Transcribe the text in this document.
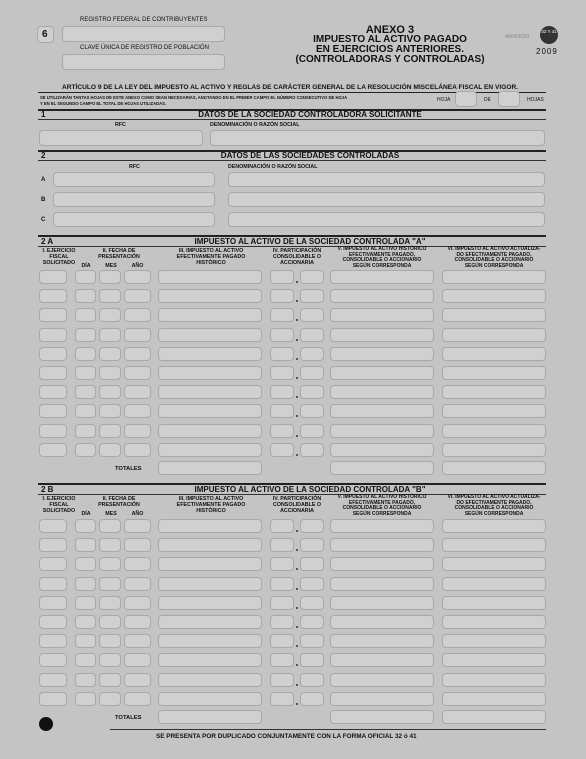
6
REGISTRO FEDERAL DE CONTRIBUYENTES
CLAVE ÚNICA DE REGISTRO DE POBLACIÓN
ANEXO 3
IMPUESTO AL ACTIVO PAGADO
EN EJERCICIOS ANTERIORES.
(CONTROLADORAS Y CONTROLADAS)
ANVERSO
32 Y 41
2009
ARTÍCULO 9 DE LA LEY DEL IMPUESTO AL ACTIVO Y REGLAS DE CARÁCTER GENERAL DE LA RESOLUCIÓN MISCELÁNEA FISCAL EN VIGOR.
SE UTILIZARÁN TANTAS HOJAS DE ESTE ANEXO COMO SEAN NECESARIAS, ANOTANDO EN EL PRIMER CAMPO EL NÚMERO CONSECUTIVO DE HOJA
Y EN EL SEGUNDO CAMPO EL TOTAL DE HOJAS UTILIZADAS.
HOJA	DE	HOJAS
1	DATOS DE LA SOCIEDAD CONTROLADORA SOLICITANTE
RFC	DENOMINACIÓN O RAZÓN SOCIAL
2	DATOS DE LAS SOCIEDADES CONTROLADAS
RFC	DENOMINACIÓN O RAZÓN SOCIAL
A
B
C
2 A	IMPUESTO AL ACTIVO DE LA SOCIEDAD CONTROLADA "A"
I. EJERCICIO
FISCAL
SOLICITADO
II. FECHA DE
PRESENTACIÓN
DÍA	MES	AÑO
III. IMPUESTO AL ACTIVO
EFECTIVAMENTE PAGADO
HISTÓRICO
IV. PARTICIPACIÓN
CONSOLIDABLE O
ACCIONARIA
V. IMPUESTO AL ACTIVO HISTÓRICO
EFECTIVAMENTE PAGADO,
CONSOLIDABLE O ACCIONARIO
SEGÚN CORRESPONDA
VI. IMPUESTO AL ACTIVO ACTUALIZA-
DO EFECTIVAMENTE PAGADO,
CONSOLIDABLE O ACCIONARIO
SEGÚN CORRESPONDA
TOTALES
2 B	IMPUESTO AL ACTIVO DE LA SOCIEDAD CONTROLADA "B"
I. EJERCICIO
FISCAL
SOLICITADO
II. FECHA DE
PRESENTACIÓN
DÍA	MES	AÑO
III. IMPUESTO AL ACTIVO
EFECTIVAMENTE PAGADO
HISTÓRICO
IV. PARTICIPACIÓN
CONSOLIDABLE O
ACCIONARIA
V. IMPUESTO AL ACTIVO HISTÓRICO
EFECTIVAMENTE PAGADO,
CONSOLIDABLE O ACCIONARIO
SEGÚN CORRESPONDA
VI. IMPUESTO AL ACTIVO ACTUALIZA-
DO EFECTIVAMENTE PAGADO,
CONSOLIDABLE O ACCIONARIO
SEGÚN CORRESPONDA
TOTALES
SE PRESENTA POR DUPLICADO CONJUNTAMENTE CON LA FORMA OFICIAL 32 ó 41
